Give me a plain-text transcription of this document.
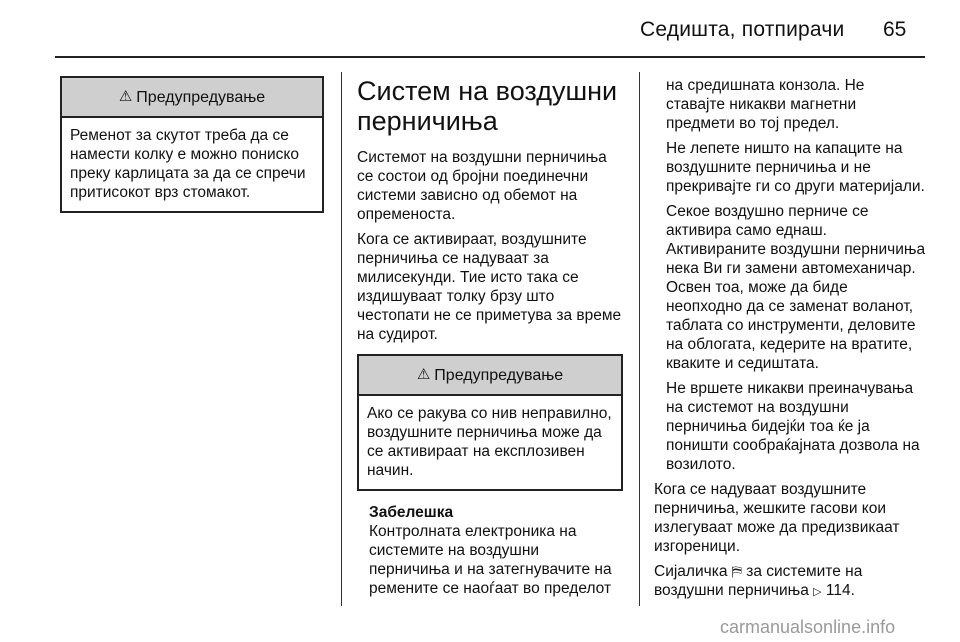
Седишта, потпирачи 65
⚠ Предупредување
Ременот за скутот треба да се намести колку е можно пониско преку карлицата за да се спречи притисокот врз стомакот.
Систем на воздушни перничиња

Системот на воздушни перничиња се состои од бројни поединечни системи зависно од обемот на опременоста.

Кога се активираат, воздушните перничиња се надуваат за милисекунди. Тие исто така се издишуваат толку брзу што честопати не се приметува за време на судирот.

⚠ Предупредување
Ако се ракува со нив неправилно, воздушните перничиња може да се активираат на експлозивен начин.
Забелешка
Контролната електроника на системите на воздушни перничиња и на затегнувачите на ремените се наоѓаат во пределот

на средишната конзола. Не ставајте никакви магнетни предмети во тој предел.

Не лепете ништо на капаците на воздушните перничиња и не прекривајте ги со други материјали.

Секое воздушно перниче се активира само еднаш. Активираните воздушни перничиња нека Ви ги замени автомеханичар. Освен тоа, може да биде неопходно да се заменат воланот, таблата со инструменти, деловите на облогата, кедерите на вратите, кваките и седиштата.

Не вршете никакви преиначувања на системот на воздушни перничиња бидејќи тоа ќе ја поништи сообраќајната дозвола на возилото.

Кога се надуваат воздушните перничиња, жешките гасови кои излегуваат може да предизвикаат изгореници.

Сијаличка ⛿ за системите на воздушни перничиња ▷ 114.

carmanualsonline.info
